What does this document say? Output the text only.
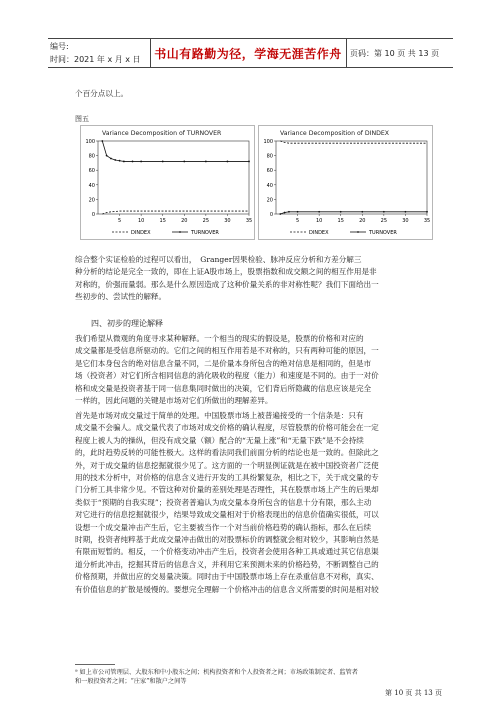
编号:
时间：2021 年 x 月 x 日 书山有路勤为径，学海无涯苦作舟 页码：第 10 页 共 13 页
个百分点以上。
图五
Variance Decomposition of TURNOVER
100
80
60
40
20
0
5	10	15	20	25	30	35
DINDEX	TURNOVER
Variance Decomposition of DINDEX
100
80
60
40
20
0
5	10	15	20	25	30	35
DINDEX	TURNOVER
综合整个实证检验的过程可以看出，　Granger因果检验、脉冲反应分析和方差分解三
种分析的结论是完全一致的，即在上证A股市场上，股票指数和成交额之间的相互作用是非
对称的，价强而量弱。那么是什么原因造成了这种价量关系的非对称性呢？我们下面给出一
些初步的、尝试性的解释。
四、初步的理论解释
我们希望从微观的角度寻求某种解释。一个相当的现实的假设是，股票的价格和对应的
成交量都是受信息所驱动的。它们之间的相互作用若是不对称的，只有两种可能的原因，一
是它们本身包含的绝对信息含量不同，二是价量本身所包含的绝对信息是相同的，但是市
场（投资者）对它们所含相同信息的消化吸收的程度（能力）和速度是不同的。由于一对价
格和成交量是投资者基于同一信息集同时做出的决策，它们背后所隐藏的信息应该是完全
一样的，因此问题的关键是市场对它们所做出的理解差异。
首先是市场对成交量过于简单的处理。中国股票市场上被普遍接受的一个信条是：只有
成交量不会骗人。成交量代表了市场对成交价格的确认程度，尽管股票的价格可能会在一定
程度上被人为的操纵，但没有成交量（额）配合的“无量上涨”和“无量下跌”是不会持续
的，此时趋势反转的可能性极大。这样的看法同我们前面分析的结论也是一致的。但除此之
外，对于成交量的信息挖掘就很少见了。这方面的一个明显例证就是在被中国投资者广泛使
用的技术分析中，对价格的信息含义进行开发的工具纷繁复杂，相比之下，关于成交量的专
门分析工具非常少见。不管这种对价量的差别处理是否理性，其在股票市场上产生的后果却
类似于“预期的自我实现”；投资者普遍认为成交量本身所包含的信息十分有限，那么主动
对它进行的信息挖掘就很少，结果导致成交量相对于价格表现出的信息价值确实很低，可以
设想一个成交量冲击产生后，它主要被当作一个对当前价格趋势的确认指标，那么在后续
时期，投资者纯粹基于此成交量冲击做出的对股票标价的调整就会相对较少，其影响自然是
有限而短暂的。相反，一个价格变动冲击产生后，投资者会使用各种工具或通过其它信息渠
道分析此冲击，挖掘其背后的信息含义，并利用它来预测未来的价格趋势，不断调整自己的
价格预期，并做出应的交易量决策。同时由于中国股票市场上存在杀重信息不对称，真实、
有价值信息的扩散是缓慢的。要想完全理解一个价格冲击的信息含义所需要的时间是相对较
⁹ 如上市公司管理层、大股东和中小股东之间；机构投资者和个人投资者之间；市场政策制定者、监管者
和一般投资者之间；“庄家”和散户之间等
第 10 页 共 13 页
